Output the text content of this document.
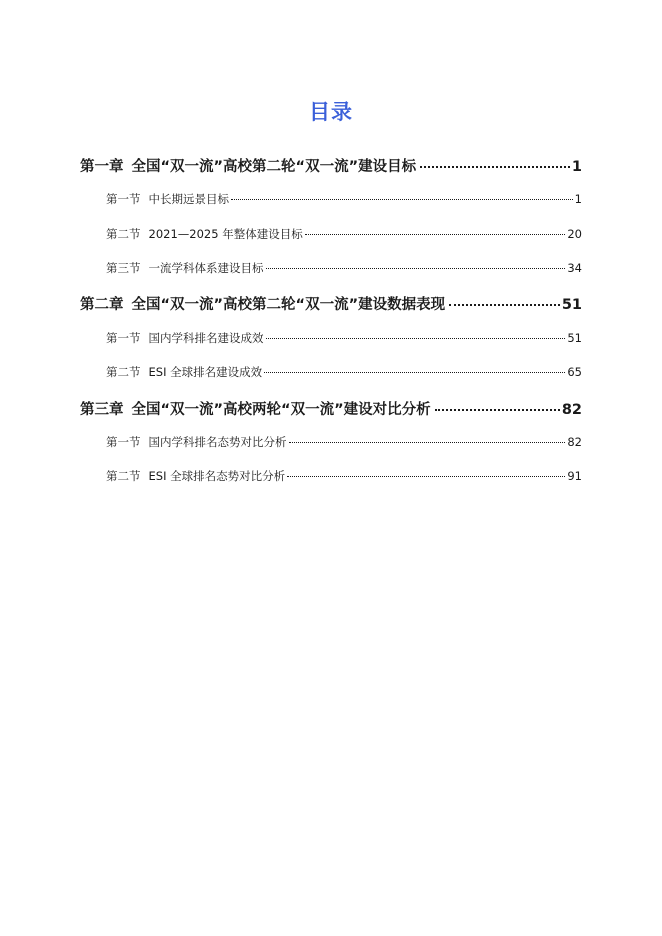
目录
第一章 全国“双一流”高校第二轮“双一流”建设目标	1
第一节 中长期远景目标	1
第二节 2021—2025 年整体建设目标	20
第三节 一流学科体系建设目标	34
第二章 全国“双一流”高校第二轮“双一流”建设数据表现	51
第一节 国内学科排名建设成效	51
第二节 ESI 全球排名建设成效	65
第三章 全国“双一流”高校两轮“双一流”建设对比分析	82
第一节 国内学科排名态势对比分析	82
第二节 ESI 全球排名态势对比分析	91
